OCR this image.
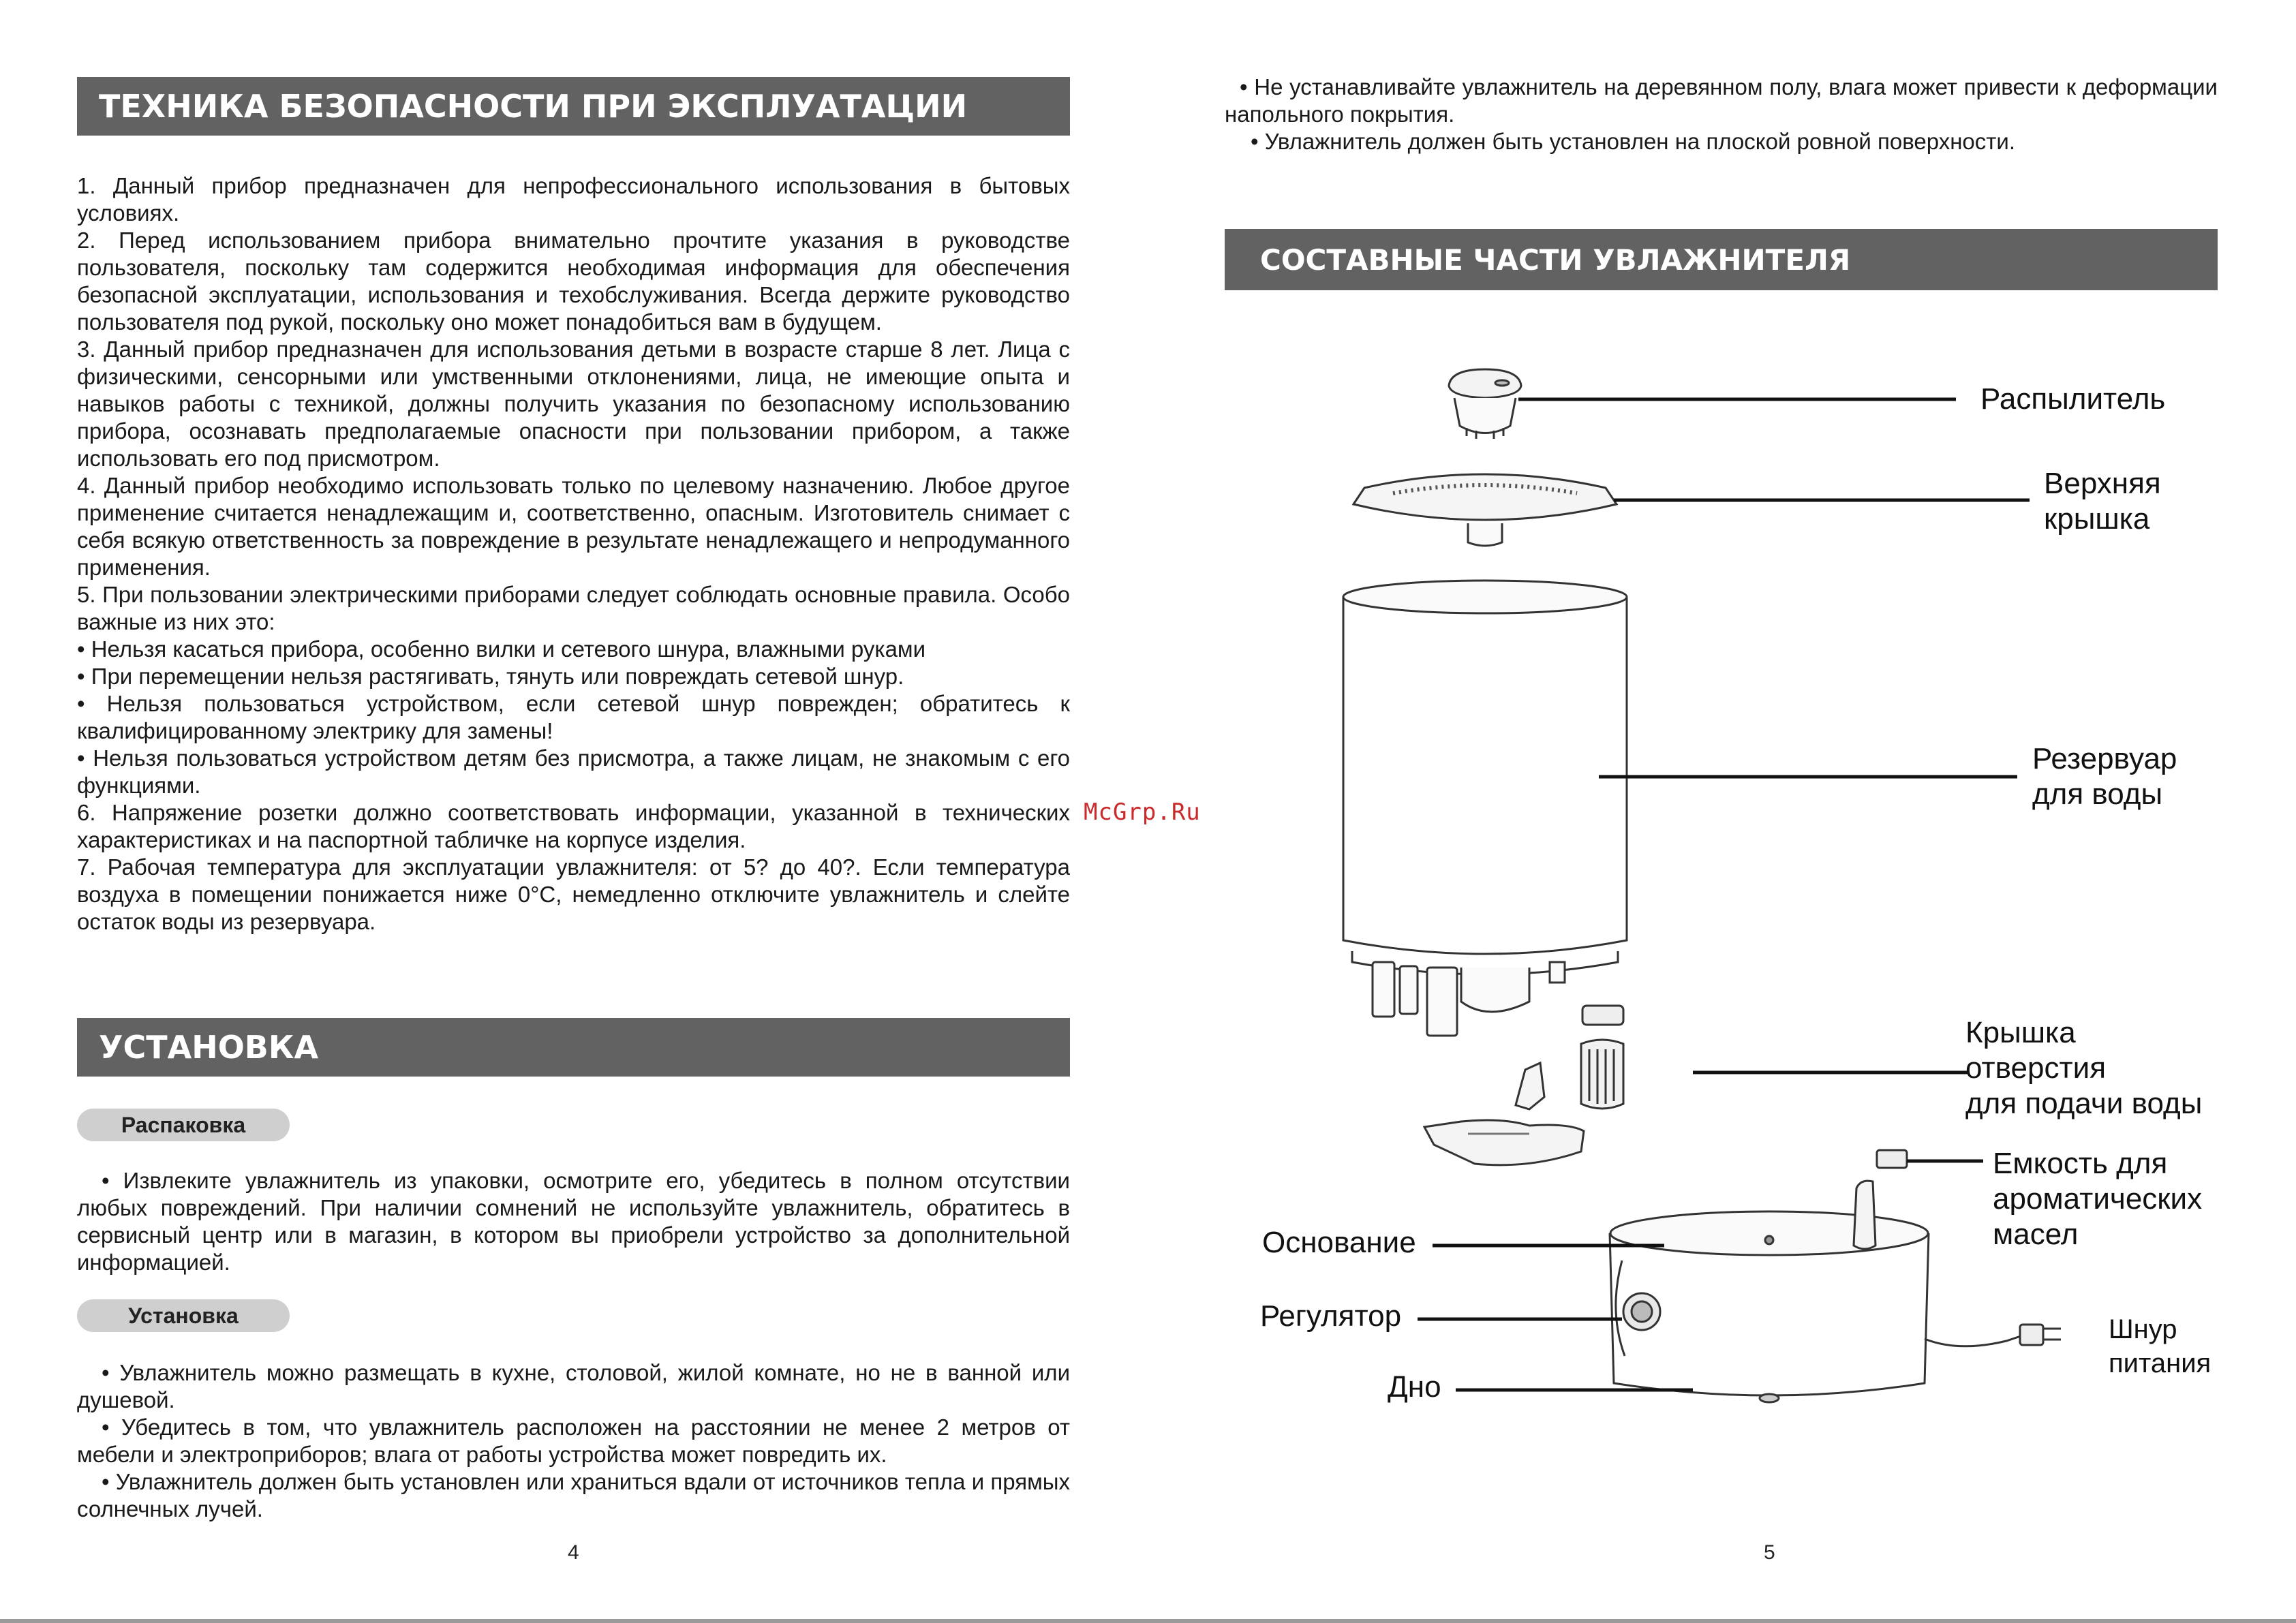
ТЕХНИКА БЕЗОПАСНОСТИ ПРИ ЭКСПЛУАТАЦИИ

1. Данный прибор предназначен для непрофессионального использования в бытовых условиях.

2. Перед использованием прибора внимательно прочтите указания в руководстве пользователя, поскольку там содержится необходимая информация для обеспечения безопасной эксплуатации, использования и техобслуживания. Всегда держите руководство пользователя под рукой, поскольку оно может понадобиться вам в будущем.

3. Данный прибор предназначен для использования детьми в возрасте старше 8 лет. Лица с физическими, сенсорными или умственными отклонениями, лица, не имеющие опыта и навыков работы с техникой, должны получить указания по безопасному использованию прибора, осознавать предполагаемые опасности при пользовании прибором, а также использовать его под присмотром.

4. Данный прибор необходимо использовать только по целевому назначению. Любое другое применение считается ненадлежащим и, соответственно, опасным. Изготовитель снимает с себя всякую ответственность за повреждение в результате ненадлежащего и непродуманного применения.

5. При пользовании электрическими приборами следует соблюдать основные правила. Особо важные из них это:

• Нельзя касаться прибора, особенно вилки и сетевого шнура, влажными руками

• При перемещении нельзя растягивать, тянуть или повреждать сетевой шнур.

• Нельзя пользоваться устройством, если сетевой шнур поврежден; обратитесь к квалифицированному электрику для замены!

• Нельзя пользоваться устройством детям без присмотра, а также лицам, не знакомым с его функциями.

6. Напряжение розетки должно соответствовать информации, указанной в технических характеристиках и на паспортной табличке на корпусе изделия.

7. Рабочая температура для эксплуатации увлажнителя: от 5? до 40?. Если температура воздуха в помещении понижается ниже 0°C, немедленно отключите увлажнитель и слейте остаток воды из резервуара.

УСТАНОВКА
Распаковка

• Извлеките увлажнитель из упаковки, осмотрите его, убедитесь в полном отсутствии любых повреждений. При наличии сомнений не используйте увлажнитель, обратитесь в сервисный центр или в магазин, в котором вы приобрели устройство за дополнительной информацией.

Установка

• Увлажнитель можно размещать в кухне, столовой, жилой комнате, но не в ванной или душевой.

• Убедитесь в том, что увлажнитель расположен на расстоянии не менее 2 метров от мебели и электроприборов; влага от работы устройства может повредить их.

• Увлажнитель должен быть установлен или храниться вдали от источников тепла и прямых солнечных лучей.

4
McGrp.Ru

• Не устанавливайте увлажнитель на деревянном полу, влага может привести к деформации напольного покрытия.

• Увлажнитель должен быть установлен на плоской ровной поверхности.

СОСТАВНЫЕ ЧАСТИ УВЛАЖНИТЕЛЯ
Распылитель
Верхняя
крышка
Резервуар
для воды
Крышка
отверстия
для подачи воды
Емкость для
ароматических
масел
Основание
Регулятор
Дно
Шнур
питания
5
